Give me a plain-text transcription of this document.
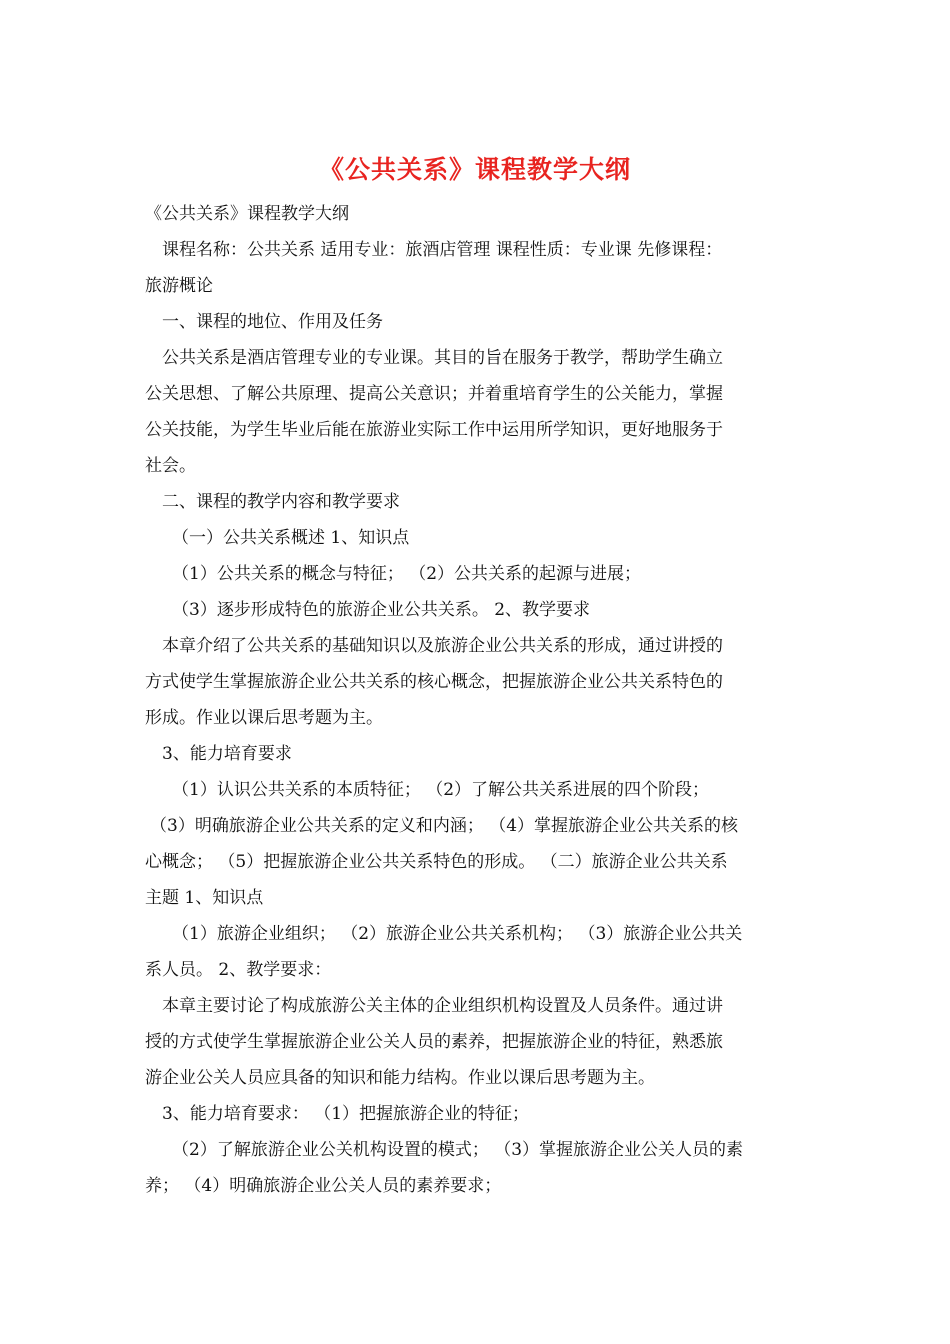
《公共关系》课程教学大纲

《公共关系》课程教学大纲

课程名称：公共关系 适用专业：旅酒店管理 课程性质：专业课 先修课程：

旅游概论

一、课程的地位、作用及任务

公共关系是酒店管理专业的专业课。其目的旨在服务于教学，帮助学生确立

公关思想、了解公共原理、提高公关意识；并着重培育学生的公关能力，掌握

公关技能，为学生毕业后能在旅游业实际工作中运用所学知识，更好地服务于

社会。

二、课程的教学内容和教学要求

（一）公共关系概述 1、知识点

（1）公共关系的概念与特征； （2）公共关系的起源与进展；

（3）逐步形成特色的旅游企业公共关系。 2、教学要求

本章介绍了公共关系的基础知识以及旅游企业公共关系的形成，通过讲授的

方式使学生掌握旅游企业公共关系的核心概念，把握旅游企业公共关系特色的

形成。作业以课后思考题为主。

3、能力培育要求

（1）认识公共关系的本质特征； （2）了解公共关系进展的四个阶段；

（3）明确旅游企业公共关系的定义和内涵； （4）掌握旅游企业公共关系的核

心概念； （5）把握旅游企业公共关系特色的形成。 （二）旅游企业公共关系

主题 1、知识点

（1）旅游企业组织； （2）旅游企业公共关系机构； （3）旅游企业公共关

系人员。 2、教学要求：

本章主要讨论了构成旅游公关主体的企业组织机构设置及人员条件。通过讲

授的方式使学生掌握旅游企业公关人员的素养，把握旅游企业的特征，熟悉旅

游企业公关人员应具备的知识和能力结构。作业以课后思考题为主。

3、能力培育要求： （1）把握旅游企业的特征；

（2）了解旅游企业公关机构设置的模式； （3）掌握旅游企业公关人员的素

养； （4）明确旅游企业公关人员的素养要求；
